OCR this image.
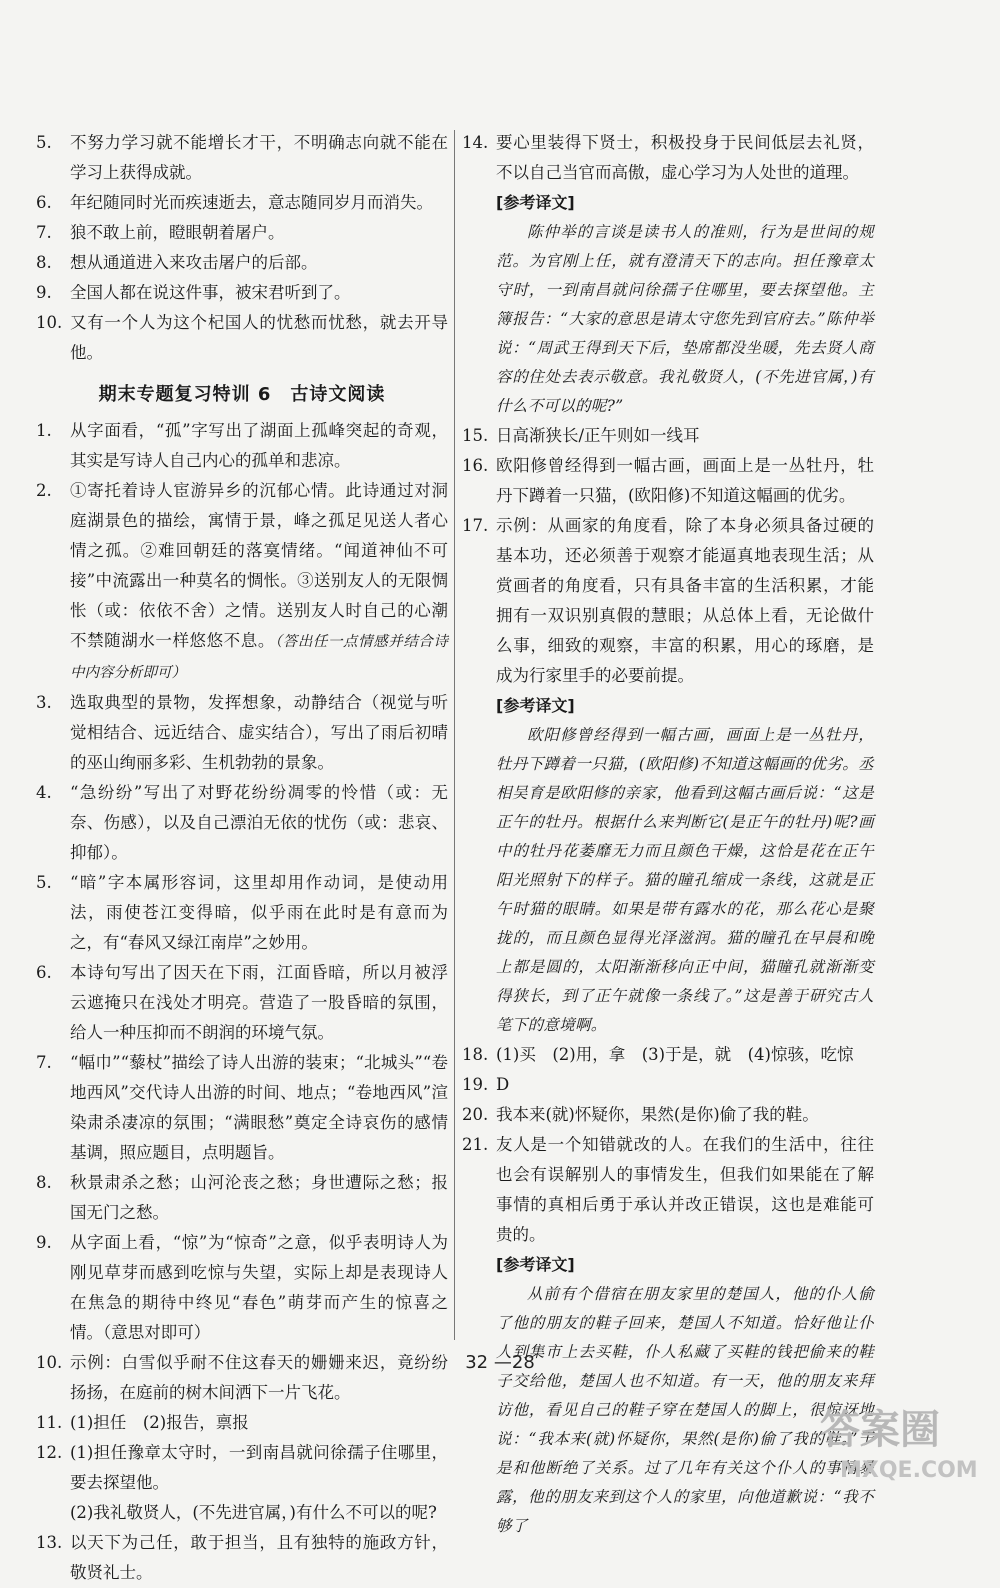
5.	不努力学习就不能增长才干，不明确志向就不能在学习上获得成就。
6.	年纪随同时光而疾速逝去，意志随同岁月而消失。
7.	狼不敢上前，瞪眼朝着屠户。
8.	想从通道进入来攻击屠户的后部。
9.	全国人都在说这件事，被宋君听到了。
10. 又有一个人为这个杞国人的忧愁而忧愁，就去开导他。
期末专题复习特训 6　古诗文阅读
1.	从字面看，“孤”字写出了湖面上孤峰突起的奇观，其实是写诗人自己内心的孤单和悲凉。
2.	①寄托着诗人宦游异乡的沉郁心情。此诗通过对洞庭湖景色的描绘，寓情于景，峰之孤足见送人者心情之孤。②难回朝廷的落寞情绪。“闻道神仙不可接”中流露出一种莫名的惆怅。③送别友人的无限惆怅（或：依依不舍）之情。送别友人时自己的心潮不禁随湖水一样悠悠不息。（答出任一点情感并结合诗中内容分析即可）
3.	选取典型的景物，发挥想象，动静结合（视觉与听觉相结合、远近结合、虚实结合），写出了雨后初晴的巫山绚丽多彩、生机勃勃的景象。
4.	“急纷纷”写出了对野花纷纷凋零的怜惜（或：无奈、伤感），以及自己漂泊无依的忧伤（或：悲哀、抑郁）。
5.	“暗”字本属形容词，这里却用作动词，是使动用法，雨使苍江变得暗，似乎雨在此时是有意而为之，有“春风又绿江南岸”之妙用。
6.	本诗句写出了因天在下雨，江面昏暗，所以月被浮云遮掩只在浅处才明亮。营造了一股昏暗的氛围，给人一种压抑而不朗润的环境气氛。
7.	“幅巾”“藜杖”描绘了诗人出游的装束；“北城头”“卷地西风”交代诗人出游的时间、地点；“卷地西风”渲染肃杀凄凉的氛围；“满眼愁”奠定全诗哀伤的感情基调，照应题目，点明题旨。
8.	秋景肃杀之愁；山河沦丧之愁；身世遭际之愁；报国无门之愁。
9.	从字面上看，“惊”为“惊奇”之意，似乎表明诗人为刚见草芽而感到吃惊与失望，实际上却是表现诗人在焦急的期待中终见“春色”萌芽而产生的惊喜之情。（意思对即可）
10. 示例：白雪似乎耐不住这春天的姗姗来迟，竟纷纷扬扬，在庭前的树木间洒下一片飞花。
11. (1)担任　(2)报告，禀报
12. (1)担任豫章太守时，一到南昌就问徐孺子住哪里，要去探望他。
(2)我礼敬贤人，(不先进官属，)有什么不可以的呢?
13. 以天下为己任，敢于担当，且有独特的施政方针，敬贤礼士。
14. 要心里装得下贤士，积极投身于民间低层去礼贤，不以自己当官而高傲，虚心学习为人处世的道理。
[参考译文]
陈仲举的言谈是读书人的准则，行为是世间的规范。为官刚上任，就有澄清天下的志向。担任豫章太守时，一到南昌就问徐孺子住哪里，要去探望他。主簿报告：“大家的意思是请太守您先到官府去。”陈仲举说：“周武王得到天下后，垫席都没坐暖，先去贤人商容的住处去表示敬意。我礼敬贤人，(不先进官属，)有什么不可以的呢?”
15. 日高渐狭长/正午则如一线耳
16. 欧阳修曾经得到一幅古画，画面上是一丛牡丹，牡丹下蹲着一只猫，(欧阳修)不知道这幅画的优劣。
17. 示例：从画家的角度看，除了本身必须具备过硬的基本功，还必须善于观察才能逼真地表现生活；从赏画者的角度看，只有具备丰富的生活积累，才能拥有一双识别真假的慧眼；从总体上看，无论做什么事，细致的观察，丰富的积累，用心的琢磨，是成为行家里手的必要前提。
[参考译文]
欧阳修曾经得到一幅古画，画面上是一丛牡丹，牡丹下蹲着一只猫，(欧阳修)不知道这幅画的优劣。丞相吴育是欧阳修的亲家，他看到这幅古画后说：“这是正午的牡丹。根据什么来判断它(是正午的牡丹)呢?画中的牡丹花萎靡无力而且颜色干燥，这恰是花在正午阳光照射下的样子。猫的瞳孔缩成一条线，这就是正午时猫的眼睛。如果是带有露水的花，那么花心是聚拢的，而且颜色显得光泽滋润。猫的瞳孔在早晨和晚上都是圆的，太阳渐渐移向正中间，猫瞳孔就渐渐变得狭长，到了正午就像一条线了。”这是善于研究古人笔下的意境啊。
18. (1)买　(2)用，拿　(3)于是，就　(4)惊骇，吃惊
19. D
20. 我本来(就)怀疑你，果然(是你)偷了我的鞋。
21. 友人是一个知错就改的人。在我们的生活中，往往也会有误解别人的事情发生，但我们如果能在了解事情的真相后勇于承认并改正错误，这也是难能可贵的。
[参考译文]
从前有个借宿在朋友家里的楚国人，他的仆人偷了他的朋友的鞋子回来，楚国人不知道。恰好他让仆人到集市上去买鞋，仆人私藏了买鞋的钱把偷来的鞋子交给他，楚国人也不知道。有一天，他的朋友来拜访他，看见自己的鞋子穿在楚国人的脚上，很惊讶地说：“我本来(就)怀疑你，果然(是你)偷了我的鞋。”于是和他断绝了关系。过了几年有关这个仆人的事情暴露，他的朋友来到这个人的家里，向他道歉说：“我不够了
32 —28
答案圈
MXQE.COM
